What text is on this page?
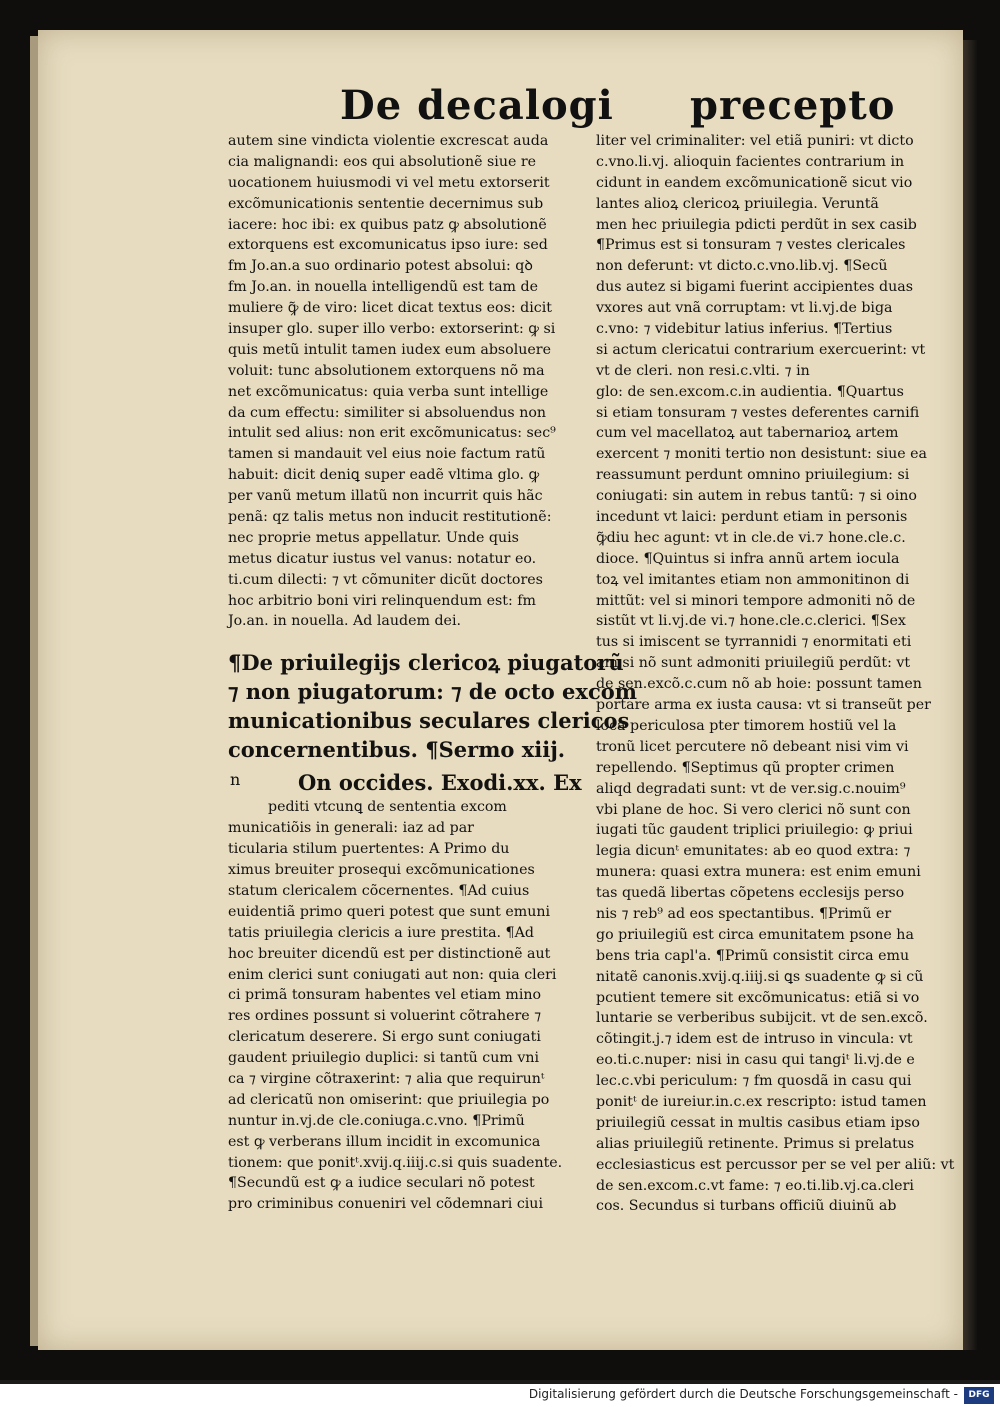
De decalogi precepto
autem sine vindicta violentie excrescat auda
cia malignandi: eos qui absolutionẽ siue re
uocationem huiusmodi vi vel metu extorserit
excõmunicationis sententie decernimus sub
iacere: hoc ibi: ex quibus patz ꝙ absolutionẽ
extorquens est excomunicatus ipso iure: sed
fm Jo.an.a suo ordinario potest absolui: qꝺ
fm Jo.an. in nouella intelligendũ est tam de
muliere ꝙ̃ de viro: licet dicat textus eos: dicit
insuper glo. super illo verbo: extorserint: ꝙ si
quis metũ intulit tamen iudex eum absoluere
voluit: tunc absolutionem extorquens nõ ma
net excõmunicatus: quia verba sunt intellige
da cum effectu: similiter si absoluendus non
intulit sed alius: non erit excõmunicatus: sec⁹
tamen si mandauit vel eius noie factum ratũ
habuit: dicit deniꝗ super eadẽ vltima glo. ꝙ
per vanũ metum illatũ non incurrit quis hãc
penã: qz talis metus non inducit restitutionẽ:
nec proprie metus appellatur. Unde quis
metus dicatur iustus vel vanus: notatur eo.
ti.cum dilecti: ⁊ vt cõmuniter dicũt doctores
hoc arbitrio boni viri relinquendum est: fm
Jo.an. in nouella. Ad laudem dei.
¶De priuilegijs clericoꝝ piugatorũ
⁊ non piugatorum: ⁊ de octo excom
municationibus seculares clericos
concernentibus. ¶Sermo xiij.
On occides. Exodi.xx. Ex
pediti vtcunꝗ de sententia excom
municatiõis in generali: iaz ad par
ticularia stilum puertentes: A Primo du
ximus breuiter prosequi excõmunicationes
statum clericalem cõcernentes. ¶Ad cuius
euidentiã primo queri potest que sunt emuni
tatis priuilegia clericis a iure prestita. ¶Ad
hoc breuiter dicendũ est per distinctionẽ aut
enim clerici sunt coniugati aut non: quia cleri
ci primã tonsuram habentes vel etiam mino
res ordines possunt si voluerint cõtrahere ⁊
clericatum deserere. Si ergo sunt coniugati
gaudent priuilegio duplici: si tantũ cum vni
ca ⁊ virgine cõtraxerint: ⁊ alia que requirunᵗ
ad clericatũ non omiserint: que priuilegia po
nuntur in.vj.de cle.coniuga.c.vno. ¶Primũ
est ꝙ verberans illum incidit in excomunica
tionem: que ponitᵗ.xvij.q.iiij.c.si quis suadente.
¶Secundũ est ꝙ a iudice seculari nõ potest
pro criminibus conueniri vel cõdemnari ciui
n
liter vel criminaliter: vel etiã puniri: vt dicto
c.vno.li.vj. alioquin facientes contrarium in
cidunt in eandem excõmunicationẽ sicut vio
lantes alioꝝ clericoꝝ priuilegia. Veruntã
men hec priuilegia pdicti perdũt in sex casib
¶Primus est si tonsuram ⁊ vestes clericales
non deferunt: vt dicto.c.vno.lib.vj. ¶Secũ
dus autez si bigami fuerint accipientes duas
vxores aut vnã corruptam: vt li.vj.de biga
c.vno: ⁊ videbitur latius inferius. ¶Tertius
si actum clericatui contrarium exercuerint: vt
vt de cleri. non resi.c.vlti. ⁊ in
glo: de sen.excom.c.in audientia. ¶Quartus
si etiam tonsuram ⁊ vestes deferentes carnifi
cum vel macellatoꝝ aut tabernarioꝝ artem
exercent ⁊ moniti tertio non desistunt: siue ea
reassumunt perdunt omnino priuilegium: si
coniugati: sin autem in rebus tantũ: ⁊ si oino
incedunt vt laici: perdunt etiam in personis
ꝙ̃diu hec agunt: vt in cle.de vi.⁊ hone.cle.c.
dioce. ¶Quintus si infra annũ artem iocula
toꝝ vel imitantes etiam non ammonitinon di
mittũt: vel si minori tempore admoniti nõ de
sistũt vt li.vj.de vi.⁊ hone.cle.c.clerici. ¶Sex
tus si imiscent se tyrrannidi ⁊ enormitati eti
am si nõ sunt admoniti priuilegiũ perdũt: vt
de sen.excõ.c.cum nõ ab hoie: possunt tamen
portare arma ex iusta causa: vt si transeũt per
loca periculosa pter timorem hostiũ vel la
tronũ licet percutere nõ debeant nisi vim vi
repellendo. ¶Septimus qũ propter crimen
aliqd degradati sunt: vt de ver.sig.c.nouim⁹
vbi plane de hoc. Si vero clerici nõ sunt con
iugati tũc gaudent triplici priuilegio: ꝙ priui
legia dicunᵗ emunitates: ab eo quod extra: ⁊
munera: quasi extra munera: est enim emuni
tas quedã libertas cõpetens ecclesijs perso
nis ⁊ reb⁹ ad eos spectantibus. ¶Primũ er
go priuilegiũ est circa emunitatem psone ha
bens tria capl'a. ¶Primũ consistit circa emu
nitatẽ canonis.xvij.q.iiij.si ꝗs suadente ꝙ si cũ
pcutient temere sit excõmunicatus: etiã si vo
luntarie se verberibus subijcit. vt de sen.excõ.
cõtingit.j.⁊ idem est de intruso in vincula: vt
eo.ti.c.nuper: nisi in casu qui tangiᵗ li.vj.de e
lec.c.vbi periculum: ⁊ fm quosdã in casu qui
ponitᵗ de iureiur.in.c.ex rescripto: istud tamen
priuilegiũ cessat in multis casibus etiam ipso
alias priuilegiũ retinente. Primus si prelatus
ecclesiasticus est percussor per se vel per aliũ: vt
de sen.excom.c.vt fame: ⁊ eo.ti.lib.vj.ca.cleri
cos. Secundus si turbans officiũ diuinũ ab
Digitalisierung gefördert durch die Deutsche Forschungsgemeinschaft -	DFG
